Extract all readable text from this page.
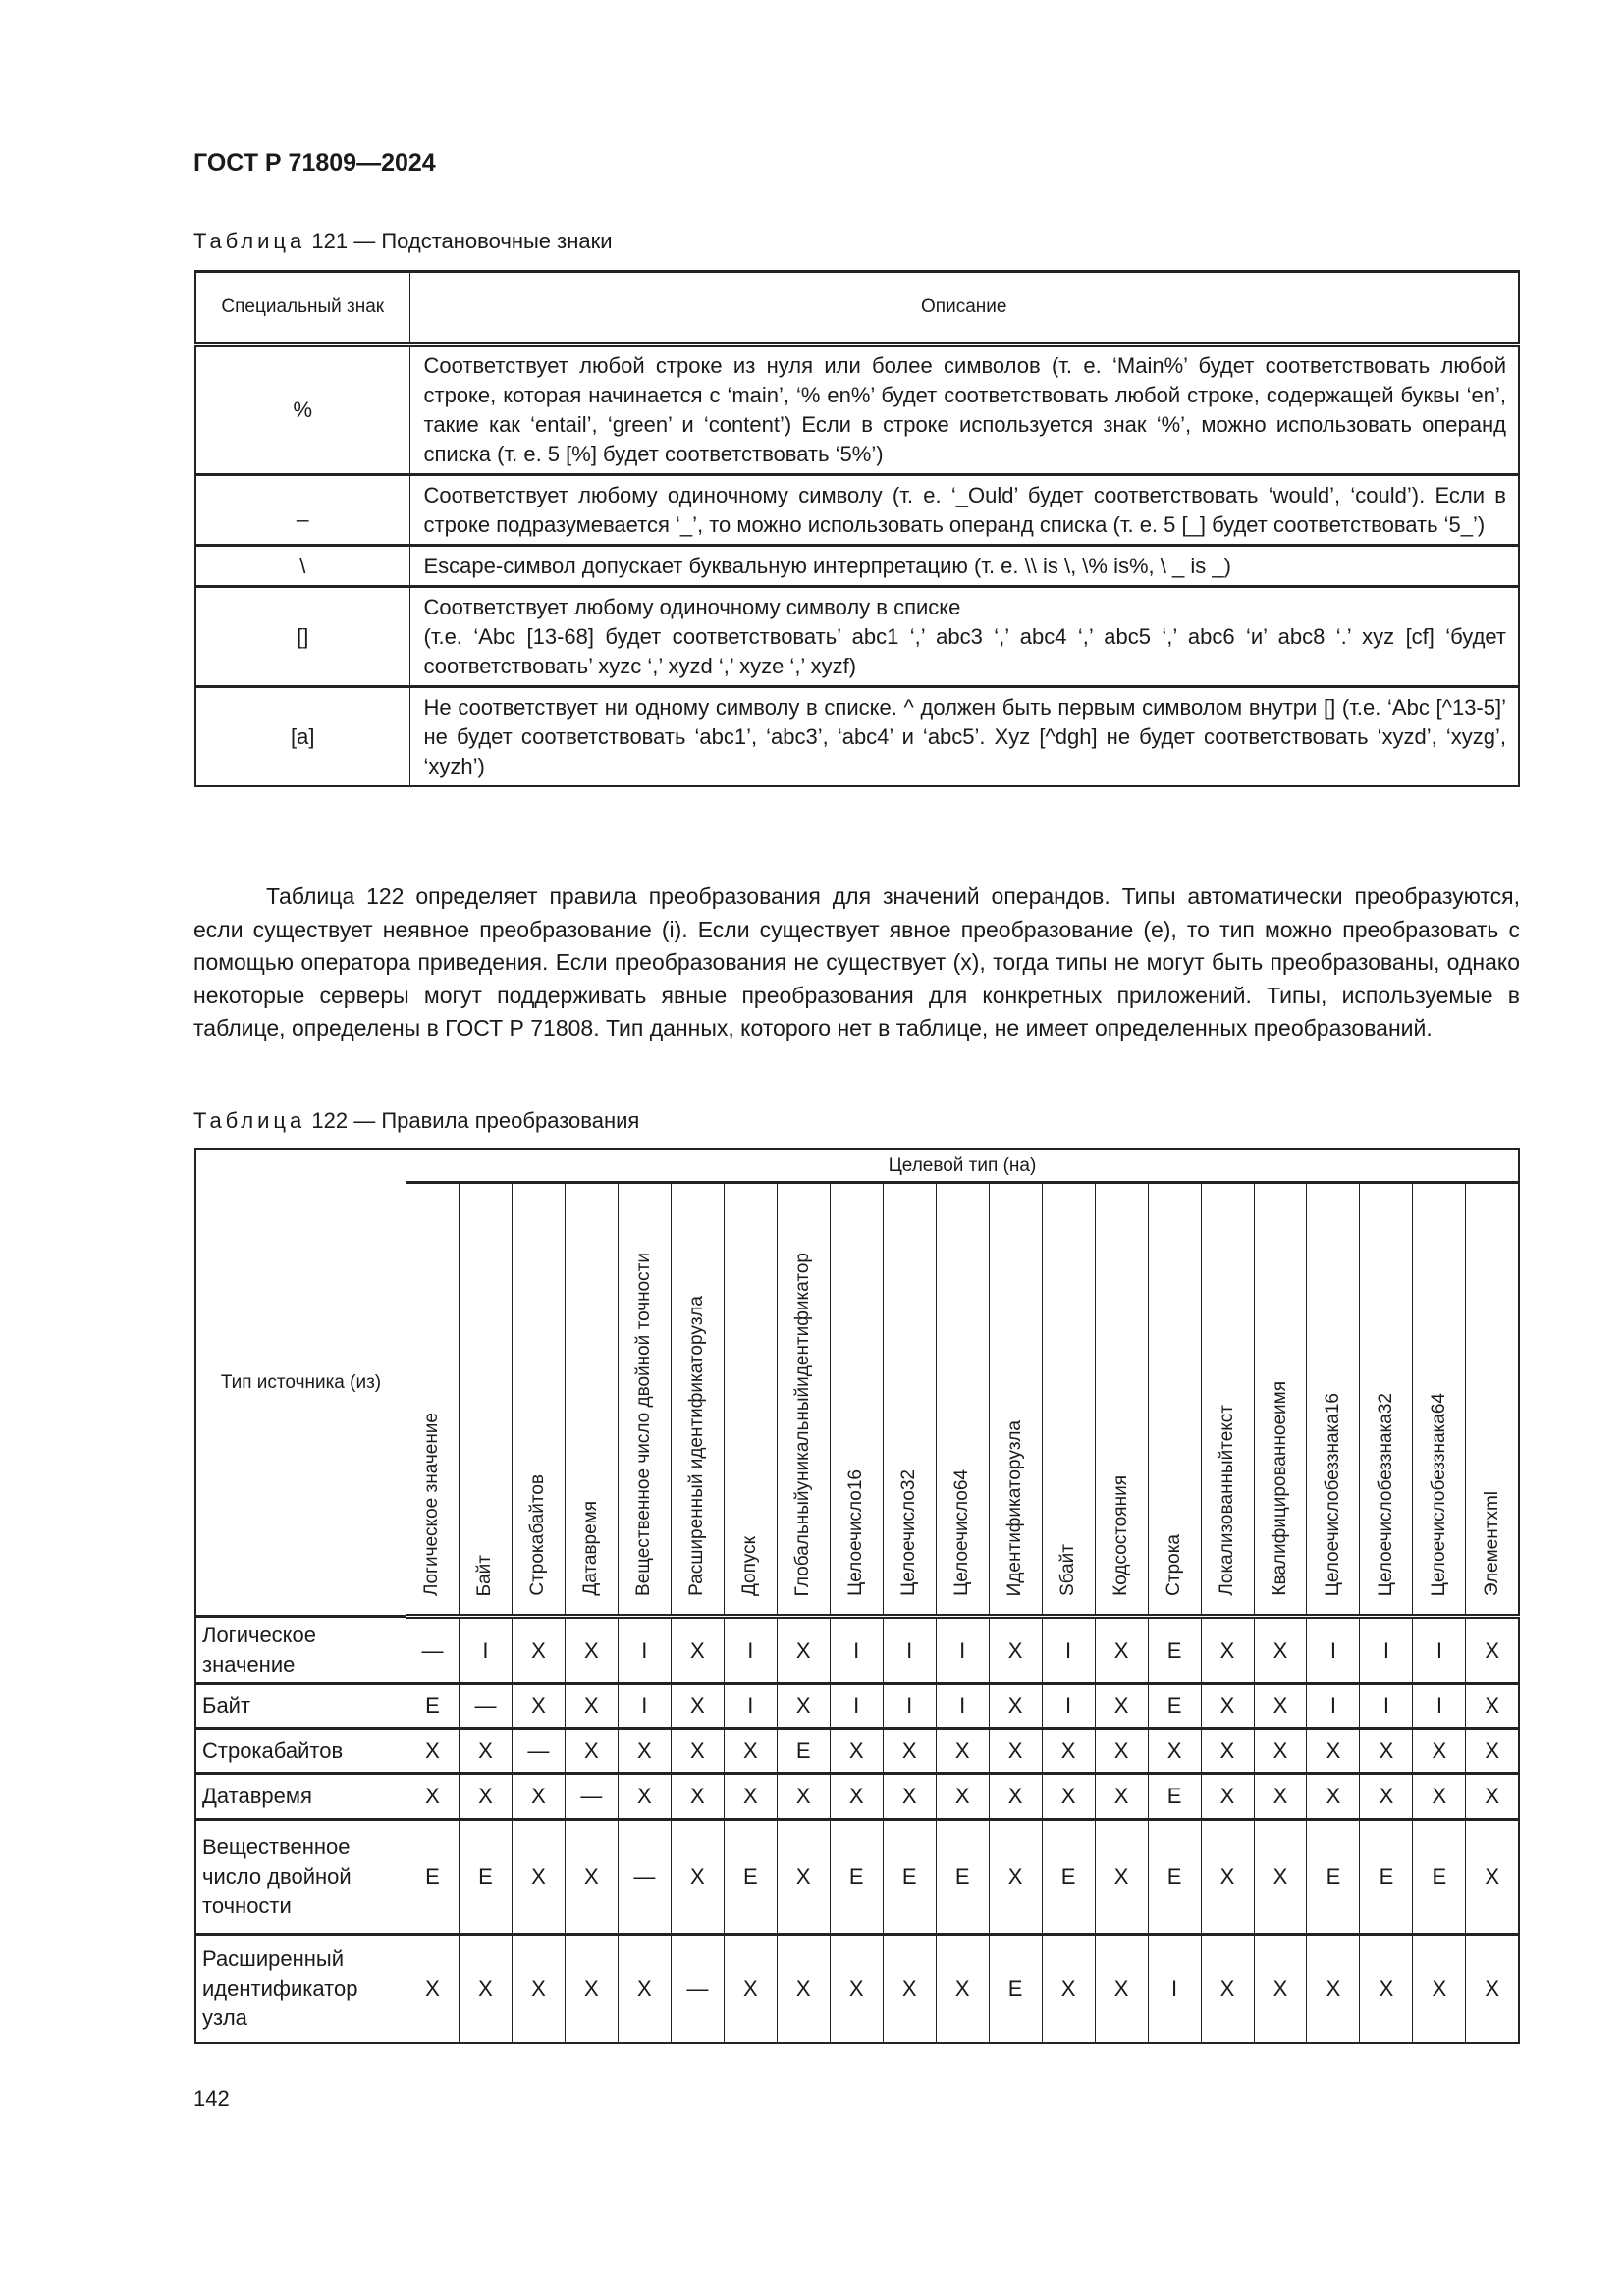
ГОСТ Р 71809—2024
Таблица 121 — Подстановочные знаки
Специальный знак	Описание
%	Соответствует любой строке из нуля или более символов (т. е. ‘Main%’ будет соответствовать любой строке, которая начинается с ‘main’, ‘% en%’ будет соответствовать любой строке, содержащей буквы ‘en’, такие как ‘entail’, ‘green’ и ‘content’) Если в строке используется знак ‘%’, можно использовать операнд списка (т. е. 5 [%] будет соответствовать ‘5%’)
_	Соответствует любому одиночному символу (т. е. ‘_Ould’ будет соответствовать ‘would’, ‘could’). Если в строке подразумевается ‘_’, то можно использовать операнд списка (т. е. 5 [_] будет соответствовать ‘5_’)
\	Escape-символ допускает буквальную интерпретацию (т. е. \\ is \, \% is%, \ _ is _)
[]	Соответствует любому одиночному символу в списке
(т.е. ‘Abc [13-68] будет соответствовать’ abc1 ‘,’ abc3 ‘,’ abc4 ‘,’ abc5 ‘,’ abc6 ‘и’ abc8 ‘.’ xyz [cf] ‘будет соответствовать’ xyzc ‘,’ xyzd ‘,’ xyze ‘,’ xyzf)
[a]	Не соответствует ни одному символу в списке. ^ должен быть первым символом внутри [] (т.е. ‘Abc [^13-5]’ не будет соответствовать ‘abc1’, ‘abc3’, ‘abc4’ и ‘abc5’. Xyz [^dgh] не будет соответствовать ‘xyzd’, ‘xyzg’, ‘xyzh’)

Таблица 122 определяет правила преобразования для значений операндов. Типы автоматически преобразуются, если существует неявное преобразование (i). Если существует явное преобразование (e), то тип можно преобразовать с помощью оператора приведения. Если преобразования не существует (x), тогда типы не могут быть преобразованы, однако некоторые серверы могут поддерживать явные преобразования для конкретных приложений. Типы, используемые в таблице, определены в ГОСТ Р 71808. Тип данных, которого нет в таблице, не имеет определенных преобразований.

Таблица 122 — Правила преобразования
Тип источника (из)	Целевой тип (на)																				
	Логическое значение	Байт	Строкабайтов	Датавремя	Вещественное число двойной точности	Расширенный идентификаторузла	Допуск	Глобальныйуникальныйидентификатор	Целоечисло16	Целоечисло32	Целоечисло64	Идентификаторузла	Sбайт	Кодсостояния	Строка	Локализованныйтекст	Квалифицированноеимя	Целоечислобеззнака16	Целоечислобеззнака32	Целоечислобеззнака64	Элементxml
Логическое значение	—	I	X	X	I	X	I	X	I	I	I	X	I	X	E	X	X	I	I	I	X
Байт	E	—	X	X	I	X	I	X	I	I	I	X	I	X	E	X	X	I	I	I	X
Строкабайтов	X	X	—	X	X	X	X	E	X	X	X	X	X	X	X	X	X	X	X	X	X
Датавремя	X	X	X	—	X	X	X	X	X	X	X	X	X	X	E	X	X	X	X	X	X
Вещественное число двойной точности	E	E	X	X	—	X	E	X	E	E	E	X	E	X	E	X	X	E	E	E	X
Расширенный идентификатор узла	X	X	X	X	X	—	X	X	X	X	X	E	X	X	I	X	X	X	X	X	X
142
